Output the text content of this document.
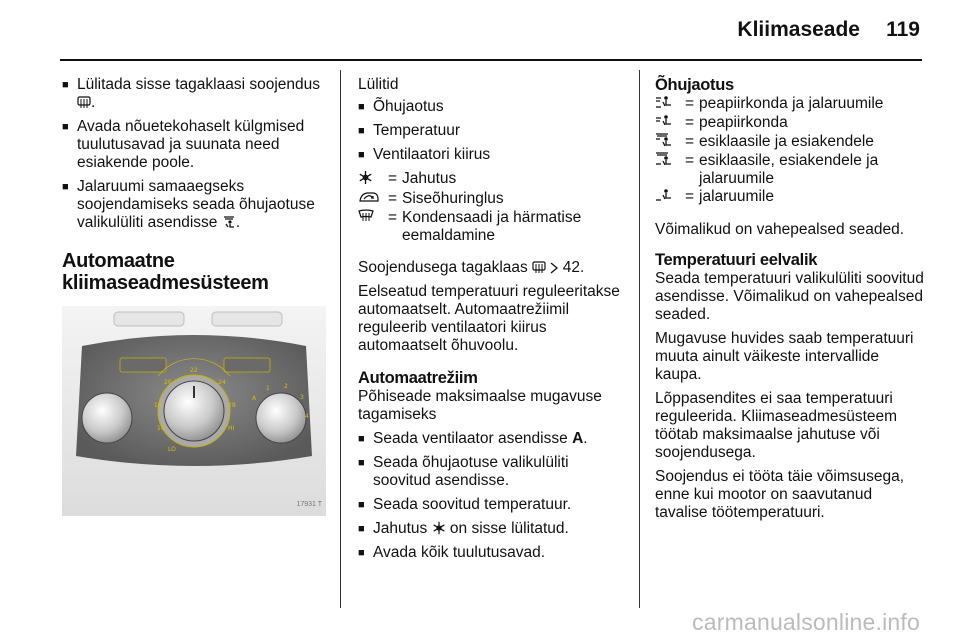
Kliimaseade 119
■ Lülitada sisse tagaklaasi soojendus .
■ Avada nõuetekohaselt külgmised tuulutusavad ja suunata need esiakende poole.
■ Jalaruumi samaaegseks soojendamiseks seada õhujaotuse valikulüliti asendisse .
Automaatne kliimaseadmesüsteem
22
20	24
18	28
16	HI
LO
1 2
3
4
A
17931 T

Lülitid

■ Õhujaotus
■ Temperatuur
■ Ventilaatori kiirus
	=	Jahutus
	=	Siseõhuringlus
	=	Kondensaadi ja härmatise eemaldamine

Soojendusega tagaklaas 42.

Eelseatud temperatuuri reguleeritakse automaatselt. Automaatrežiimil reguleerib ventilaatori kiirus automaatselt õhuvoolu.

Automaatrežiim

Põhiseade maksimaalse mugavuse tagamiseks

■ Seada ventilaator asendisse A.
■ Seada õhujaotuse valikulüliti soovitud asendisse.
■ Seada soovitud temperatuur.
■ Jahutus  on sisse lülitatud.
■ Avada kõik tuulutusavad.
Õhujaotus
	=	peapiirkonda ja jalaruumile
	=	peapiirkonda
	=	esiklaasile ja esiakendele
	=	esiklaasile, esiakendele ja jalaruumile
	=	jalaruumile

Võimalikud on vahepealsed seaded.

Temperatuuri eelvalik

Seada temperatuuri valikulüliti soovitud asendisse. Võimalikud on vahepealsed seaded.

Mugavuse huvides saab temperatuuri muuta ainult väikeste intervallide kaupa.

Lõppasendites ei saa temperatuuri reguleerida. Kliimaseadmesüsteem töötab maksimaalse jahutuse või soojendusega.

Soojendus ei tööta täie võimsusega, enne kui mootor on saavutanud tavalise töötemperatuuri.

carmanualsonline.info
